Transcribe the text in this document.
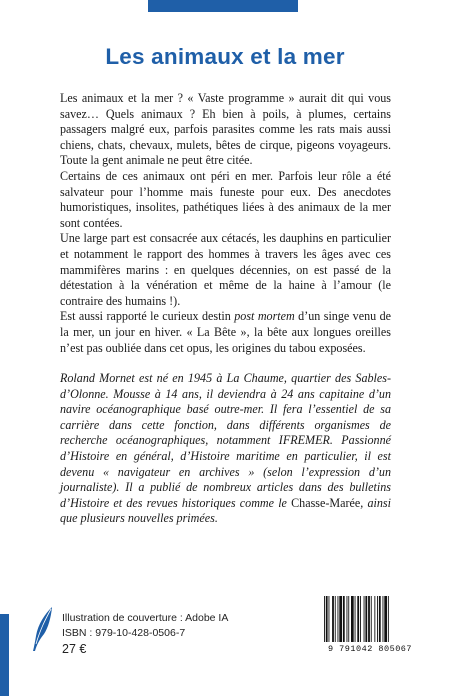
Les animaux et la mer

Les animaux et la mer ? « Vaste programme » aurait dit qui vous savez… Quels animaux ? Eh bien à poils, à plumes, certains passagers malgré eux, parfois parasites comme les rats mais aussi chiens, chats, chevaux, mulets, bêtes de cirque, pigeons voyageurs. Toute la gent animale ne peut être citée.

Certains de ces animaux ont péri en mer. Parfois leur rôle a été salvateur pour l’homme mais funeste pour eux. Des anecdotes humoristiques, insolites, pathétiques liées à des animaux de la mer sont contées.

Une large part est consacrée aux cétacés, les dauphins en particulier et notamment le rapport des hommes à travers les âges avec ces mammifères marins : en quelques décennies, on est passé de la détestation à la vénération et même de la haine à l’amour (le contraire des humains !).

Est aussi rapporté le curieux destin post mortem d’un singe venu de la mer, un jour en hiver. « La Bête », la bête aux longues oreilles n’est pas oubliée dans cet opus, les origines du tabou exposées.

Roland Mornet est né en 1945 à La Chaume, quartier des Sables-d’Olonne. Mousse à 14 ans, il deviendra à 24 ans capitaine d’un navire océanographique basé outre-mer. Il fera l’essentiel de sa carrière dans cette fonction, dans différents organismes de recherche océanographiques, notamment IFREMER. Passionné d’Histoire en général, d’Histoire maritime en particulier, il est devenu « navigateur en archives » (selon l’expression d’un journaliste). Il a publié de nombreux articles dans des bulletins d’Histoire et des revues historiques comme le Chasse-Marée, ainsi que plusieurs nouvelles primées.

Illustration de couverture : Adobe IA
ISBN : 979-10-428-0506-7
27 €	9 791042 805067
